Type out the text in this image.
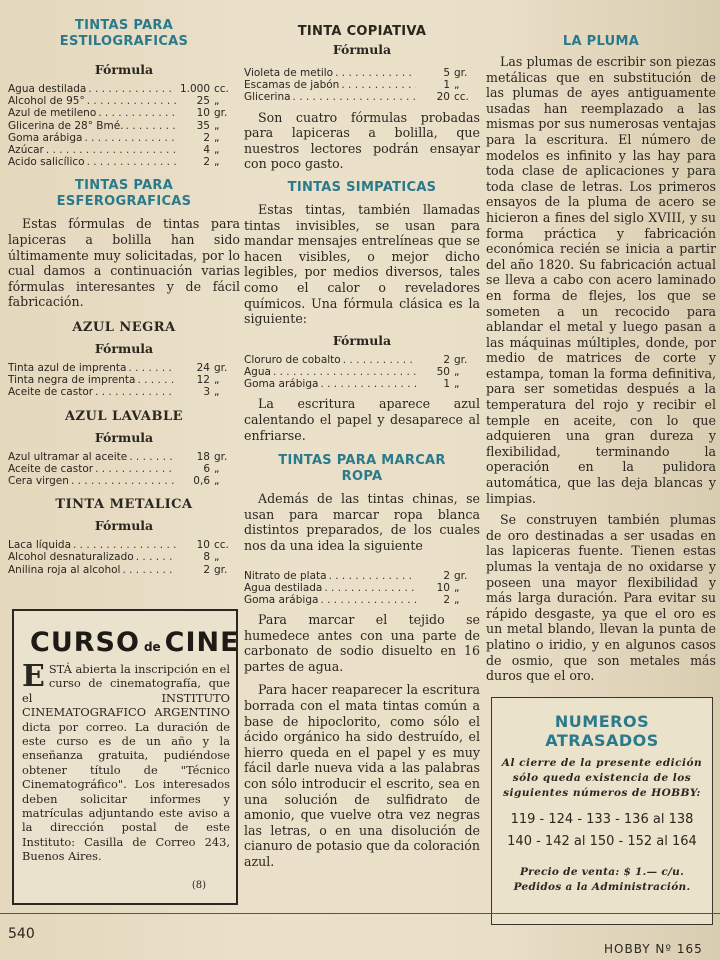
TINTAS PARA
ESTILOGRAFICAS
Fórmula
Agua destilada . . .	1.000 cc.
Alcohol de 95° . . .	25 „
Azul de metileno . . .	10 gr.
Glicerina de 28° Bmé. . . .	35 „
Goma arábiga . . .	2 „
Azúcar . . .	4 „
Acido salicílico . . .	2 „
TINTAS PARA
ESFEROGRAFICAS

Estas fórmulas de tintas para lapiceras a bolilla han sido últimamente muy solicitadas, por lo cual damos a continuación varias fórmulas interesantes y de fácil fabricación.

AZUL NEGRA
Fórmula
Tinta azul de imprenta . . .	24 gr.
Tinta negra de imprenta . . .	12 „
Aceite de castor . . .	3 „
AZUL LAVABLE
Fórmula
Azul ultramar al aceite . . .	18 gr.
Aceite de castor . . .	6 „
Cera virgen . . .	0,6 „
TINTA METALICA
Fórmula
Laca líquida . . .	10 cc.
Alcohol desnaturalizado . . .	8 „
Anilina roja al alcohol . . .	2 gr.
CURSO de CINE

ESTÁ abierta la inscripción en el curso de cinematografía, que el INSTITUTO CINEMATOGRAFICO ARGENTINO dicta por correo. La duración de este curso es de un año y la enseñanza gratuita, pudiéndose obtener título de "Técnico Cinematográfico". Los interesados deben solicitar informes y matrículas adjuntando este aviso a la dirección postal de este Instituto: Casilla de Correo 243, Buenos Aires.

(8)
TINTA COPIATIVA
Fórmula
Violeta de metilo . . .	5 gr.
Escamas de jabón . . .	1 „
Glicerina . . .	20 cc.

Son cuatro fórmulas probadas para lapiceras a bolilla, que nuestros lectores podrán ensayar con poco gasto.

TINTAS SIMPATICAS

Estas tintas, también llamadas tintas invisibles, se usan para mandar mensajes entrelíneas que se hacen visibles, o mejor dicho legibles, por medios diversos, tales como el calor o reveladores químicos. Una fórmula clásica es la siguiente:

Fórmula
Cloruro de cobalto . . .	2 gr.
Agua . . .	50 „
Goma arábiga . . .	1 „

La escritura aparece azul calentando el papel y desaparece al enfriarse.

TINTAS PARA MARCAR
ROPA

Además de las tintas chinas, se usan para marcar ropa blanca distintos preparados, de los cuales nos da una idea la siguiente

Nitrato de plata . . .	2 gr.
Agua destilada . . .	10 „
Goma arábiga . . .	2 „

Para marcar el tejido se humedece antes con una parte de carbonato de sodio disuelto en 16 partes de agua.

Para hacer reaparecer la escritura borrada con el mata tintas común a base de hipoclorito, como sólo el ácido orgánico ha sido destruído, el hierro queda en el papel y es muy fácil darle nueva vida a las palabras con sólo introducir el escrito, sea en una solución de sulfidrato de amonio, que vuelve otra vez negras las letras, o en una disolución de cianuro de potasio que da coloración azul.

LA PLUMA

Las plumas de escribir son piezas metálicas que en substitución de las plumas de ayes antiguamente usadas han reemplazado a las mismas por sus numerosas ventajas para la escritura. El número de modelos es infinito y las hay para toda clase de aplicaciones y para toda clase de letras. Los primeros ensayos de la pluma de acero se hicieron a fines del siglo XVIII, y su forma práctica y fabricación económica recién se inicia a partir del año 1820. Su fabricación actual se lleva a cabo con acero laminado en forma de flejes, los que se someten a un recocido para ablandar el metal y luego pasan a las máquinas múltiples, donde, por medio de matrices de corte y estampa, toman la forma definitiva, para ser sometidas después a la temperatura del rojo y recibir el temple en aceite, con lo que adquieren una gran dureza y flexibilidad, terminando la operación en la pulidora automática, que las deja blancas y limpias.

Se construyen también plumas de oro destinadas a ser usadas en las lapiceras fuente. Tienen estas plumas la ventaja de no oxidarse y poseen una mayor flexibilidad y más larga duración. Para evitar su rápido desgaste, ya que el oro es un metal blando, llevan la punta de platino o iridio, y en algunos casos de osmio, que son metales más duros que el oro.

NUMEROS ATRASADOS

Al cierre de la presente edición sólo queda existencia de los siguientes números de HOBBY:

119 - 124 - 133 - 136 al 138

140 - 142 al 150 - 152 al 164

Precio de venta: $ 1.— c/u. Pedidos a la Administración.
540
HOBBY Nº 165
